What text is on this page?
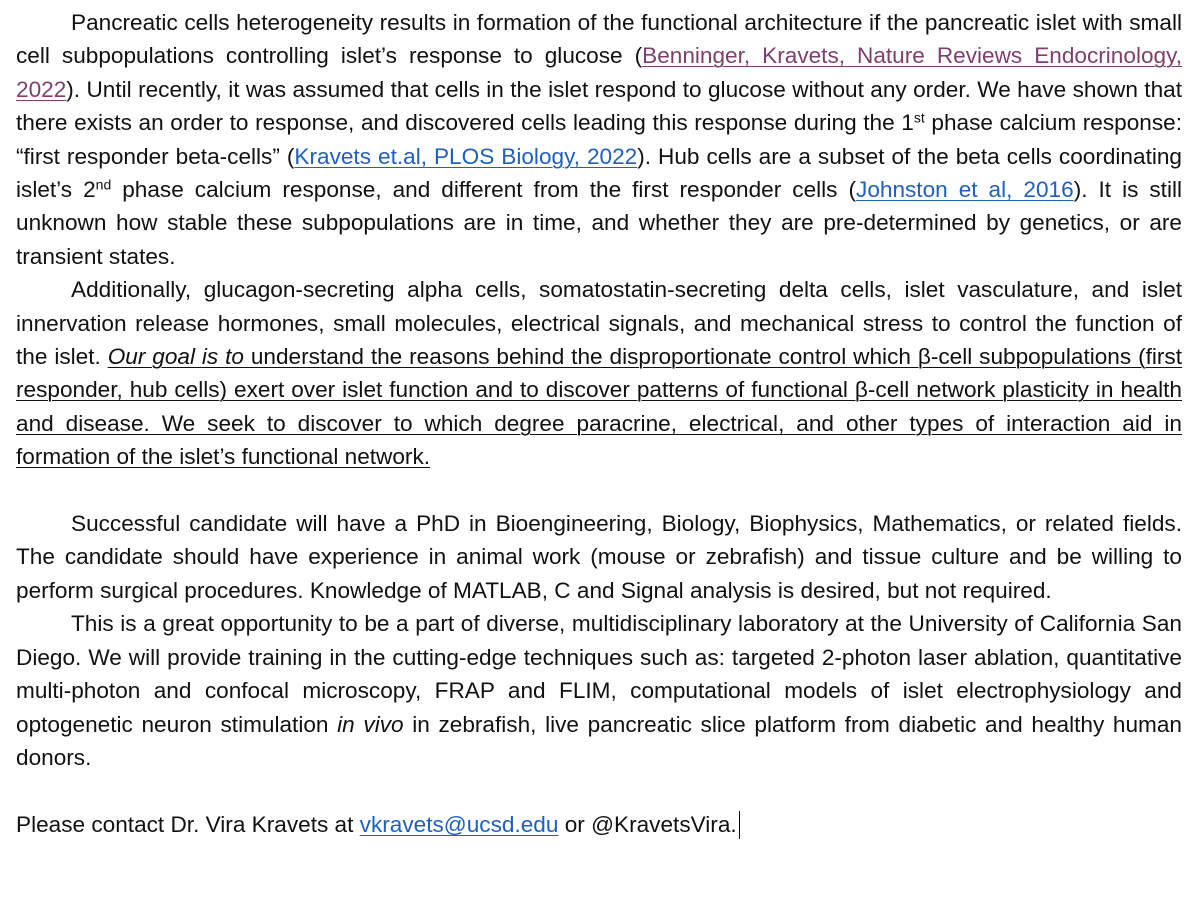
Pancreatic cells heterogeneity results in formation of the functional architecture if the pancreatic islet with small cell subpopulations controlling islet’s response to glucose (Benninger, Kravets, Nature Reviews Endocrinology, 2022). Until recently, it was assumed that cells in the islet respond to glucose without any order. We have shown that there exists an order to response, and discovered cells leading this response during the 1st phase calcium response: “first responder beta-cells” (Kravets et.al, PLOS Biology, 2022). Hub cells are a subset of the beta cells coordinating islet’s 2nd phase calcium response, and different from the first responder cells (Johnston et al, 2016). It is still unknown how stable these subpopulations are in time, and whether they are pre-determined by genetics, or are transient states.

Additionally, glucagon-secreting alpha cells, somatostatin-secreting delta cells, islet vasculature, and islet innervation release hormones, small molecules, electrical signals, and mechanical stress to control the function of the islet. Our goal is to understand the reasons behind the disproportionate control which β-cell subpopulations (first responder, hub cells) exert over islet function and to discover patterns of functional β-cell network plasticity in health and disease. We seek to discover to which degree paracrine, electrical, and other types of interaction aid in formation of the islet’s functional network.

Successful candidate will have a PhD in Bioengineering, Biology, Biophysics, Mathematics, or related fields. The candidate should have experience in animal work (mouse or zebrafish) and tissue culture and be willing to perform surgical procedures. Knowledge of MATLAB, C and Signal analysis is desired, but not required.

This is a great opportunity to be a part of diverse, multidisciplinary laboratory at the University of California San Diego. We will provide training in the cutting-edge techniques such as: targeted 2-photon laser ablation, quantitative multi-photon and confocal microscopy, FRAP and FLIM, computational models of islet electrophysiology and optogenetic neuron stimulation in vivo in zebrafish, live pancreatic slice platform from diabetic and healthy human donors.

Please contact Dr. Vira Kravets at vkravets@ucsd.edu or @KravetsVira.
